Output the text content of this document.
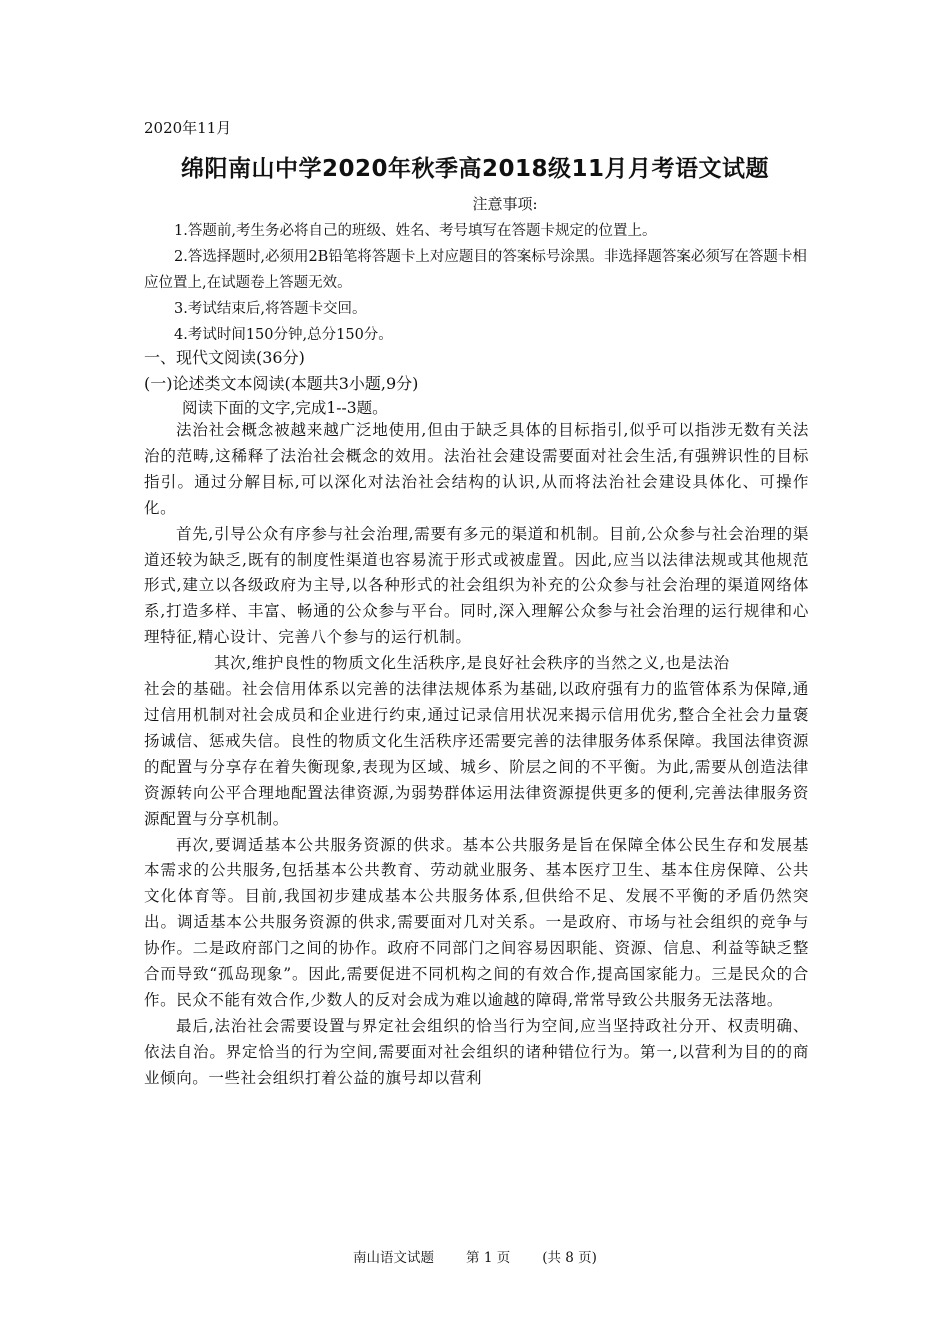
2020年11月
绵阳南山中学2020年秋季高2018级11月月考语文试题
注意事项:

1.答题前,考生务必将自己的班级、姓名、考号填写在答题卡规定的位置上。

2.答选择题时,必须用2B铅笔将答题卡上对应题目的答案标号涂黑。非选择题答案必须写在答题卡相应位置上,在试题卷上答题无效。

3.考试结束后,将答题卡交回。

4.考试时间150分钟,总分150分。

一、现代文阅读(36分)
(一)论述类文本阅读(本题共3小题,9分)
阅读下面的文字,完成1--3题。

法治社会概念被越来越广泛地使用,但由于缺乏具体的目标指引,似乎可以指涉无数有关法治的范畴,这稀释了法治社会概念的效用。法治社会建设需要面对社会生活,有强辨识性的目标指引。通过分解目标,可以深化对法治社会结构的认识,从而将法治社会建设具体化、可操作化。

首先,引导公众有序参与社会治理,需要有多元的渠道和机制。目前,公众参与社会治理的渠道还较为缺乏,既有的制度性渠道也容易流于形式或被虚置。因此,应当以法律法规或其他规范形式,建立以各级政府为主导,以各种形式的社会组织为补充的公众参与社会治理的渠道网络体系,打造多样、丰富、畅通的公众参与平台。同时,深入理解公众参与社会治理的运行规律和心理特征,精心设计、完善八个参与的运行机制。

其次,维护良性的物质文化生活秩序,是良好社会秩序的当然之义,也是法治

社会的基础。社会信用体系以完善的法律法规体系为基础,以政府强有力的监管体系为保障,通过信用机制对社会成员和企业进行约束,通过记录信用状况来揭示信用优劣,整合全社会力量褒扬诚信、惩戒失信。良性的物质文化生活秩序还需要完善的法律服务体系保障。我国法律资源的配置与分享存在着失衡现象,表现为区域、城乡、阶层之间的不平衡。为此,需要从创造法律资源转向公平合理地配置法律资源,为弱势群体运用法律资源提供更多的便利,完善法律服务资源配置与分享机制。

再次,要调适基本公共服务资源的供求。基本公共服务是旨在保障全体公民生存和发展基本需求的公共服务,包括基本公共教育、劳动就业服务、基本医疗卫生、基本住房保障、公共文化体育等。目前,我国初步建成基本公共服务体系,但供给不足、发展不平衡的矛盾仍然突出。调适基本公共服务资源的供求,需要面对几对关系。一是政府、市场与社会组织的竞争与协作。二是政府部门之间的协作。政府不同部门之间容易因职能、资源、信息、利益等缺乏整合而导致“孤岛现象”。因此,需要促进不同机构之间的有效合作,提高国家能力。三是民众的合作。民众不能有效合作,少数人的反对会成为难以逾越的障碍,常常导致公共服务无法落地。

最后,法治社会需要设置与界定社会组织的恰当行为空间,应当坚持政社分开、权责明确、依法自治。界定恰当的行为空间,需要面对社会组织的诸种错位行为。第一,以营利为目的的商业倾向。一些社会组织打着公益的旗号却以营利

南山语文试题 第 1 页 (共 8 页)
